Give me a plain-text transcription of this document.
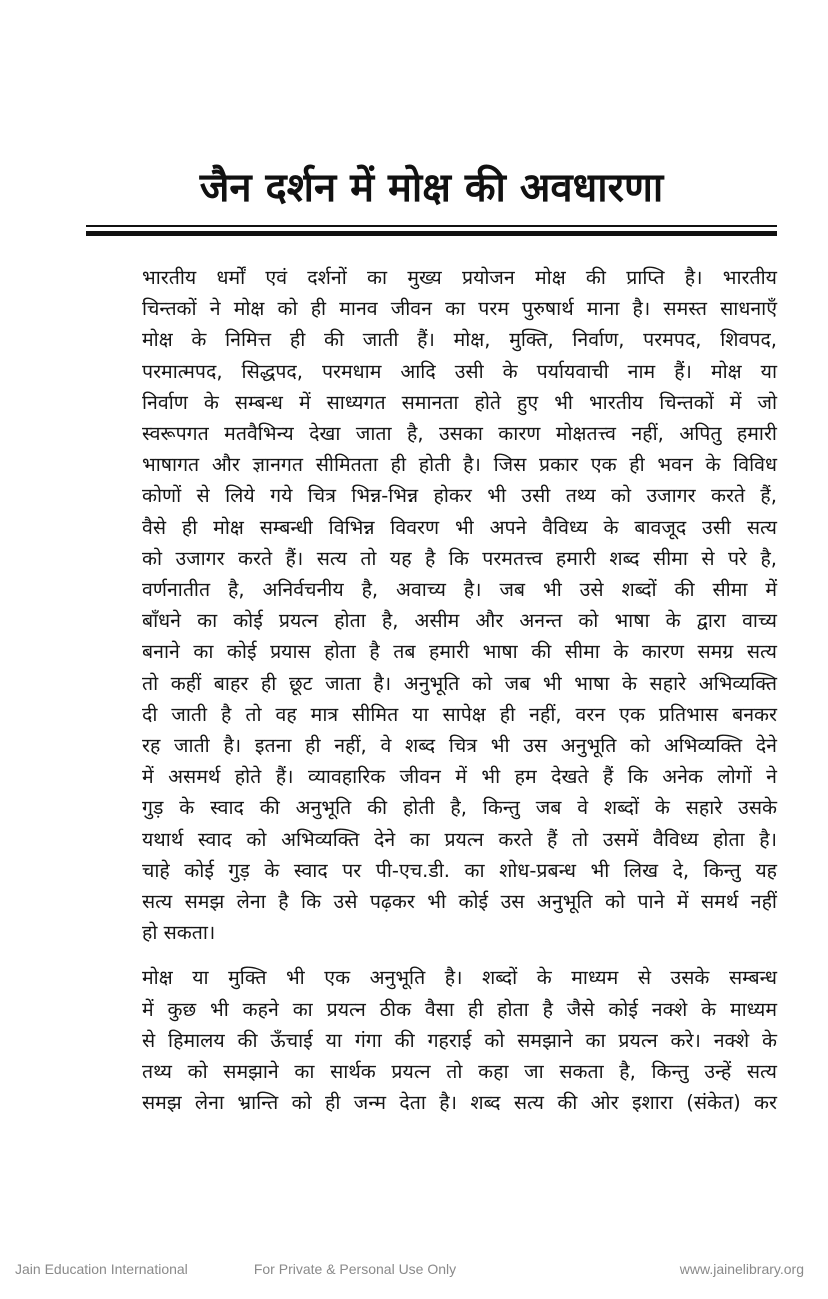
जैन दर्शन में मोक्ष की अवधारणा

भारतीय धर्मों एवं दर्शनों का मुख्य प्रयोजन मोक्ष की प्राप्ति है। भारतीय
चिन्तकों ने मोक्ष को ही मानव जीवन का परम पुरुषार्थ माना है। समस्त साधनाएँ
मोक्ष के निमित्त ही की जाती हैं। मोक्ष, मुक्ति, निर्वाण, परमपद, शिवपद,
परमात्मपद, सिद्धपद, परमधाम आदि उसी के पर्यायवाची नाम हैं। मोक्ष या
निर्वाण के सम्बन्ध में साध्यगत समानता होते हुए भी भारतीय चिन्तकों में जो
स्वरूपगत मतवैभिन्य देखा जाता है, उसका कारण मोक्षतत्त्व नहीं, अपितु हमारी
भाषागत और ज्ञानगत सीमितता ही होती है। जिस प्रकार एक ही भवन के विविध
कोणों से लिये गये चित्र भिन्न-भिन्न होकर भी उसी तथ्य को उजागर करते हैं,
वैसे ही मोक्ष सम्बन्धी विभिन्न विवरण भी अपने वैविध्य के बावजूद उसी सत्य
को उजागर करते हैं। सत्य तो यह है कि परमतत्त्व हमारी शब्द सीमा से परे है,
वर्णनातीत है, अनिर्वचनीय है, अवाच्य है। जब भी उसे शब्दों की सीमा में
बाँधने का कोई प्रयत्न होता है, असीम और अनन्त को भाषा के द्वारा वाच्य
बनाने का कोई प्रयास होता है तब हमारी भाषा की सीमा के कारण समग्र सत्य
तो कहीं बाहर ही छूट जाता है। अनुभूति को जब भी भाषा के सहारे अभिव्यक्ति
दी जाती है तो वह मात्र सीमित या सापेक्ष ही नहीं, वरन एक प्रतिभास बनकर
रह जाती है। इतना ही नहीं, वे शब्द चित्र भी उस अनुभूति को अभिव्यक्ति देने
में असमर्थ होते हैं। व्यावहारिक जीवन में भी हम देखते हैं कि अनेक लोगों ने
गुड़ के स्वाद की अनुभूति की होती है, किन्तु जब वे शब्दों के सहारे उसके
यथार्थ स्वाद को अभिव्यक्ति देने का प्रयत्न करते हैं तो उसमें वैविध्य होता है।
चाहे कोई गुड़ के स्वाद पर पी-एच.डी. का शोध-प्रबन्ध भी लिख दे, किन्तु यह
सत्य समझ लेना है कि उसे पढ़कर भी कोई उस अनुभूति को पाने में समर्थ नहीं
हो सकता।

मोक्ष या मुक्ति भी एक अनुभूति है। शब्दों के माध्यम से उसके सम्बन्ध
में कुछ भी कहने का प्रयत्न ठीक वैसा ही होता है जैसे कोई नक्शे के माध्यम
से हिमालय की ऊँचाई या गंगा की गहराई को समझाने का प्रयत्न करे। नक्शे के
तथ्य को समझाने का सार्थक प्रयत्न तो कहा जा सकता है, किन्तु उन्हें सत्य
समझ लेना भ्रान्ति को ही जन्म देता है। शब्द सत्य की ओर इशारा (संकेत) कर

Jain Education International	For Private & Personal Use Only	www.jainelibrary.org
